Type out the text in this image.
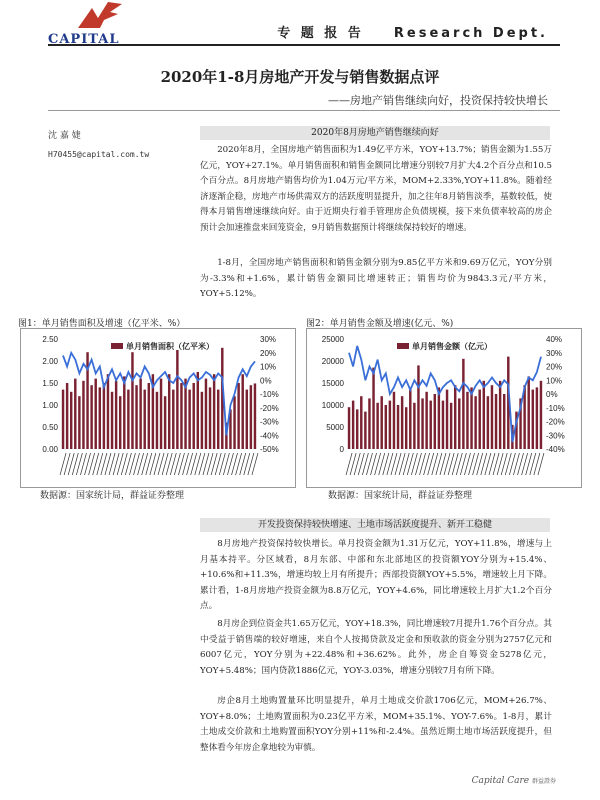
CAPITAL	专 题 报 告 Research Dept.
2020年1-8月房地产开发与销售数据点评
——房地产销售继续向好，投资保持较快增长
沈 嘉 婕
H70455@capital.com.tw
2020年8月房地产销售继续向好
2020年8月，全国房地产销售面积为1.49亿平方米，YOY+13.7%；销售金额为1.55万亿元，YOY+27.1%。单月销售面积和销售金额同比增速分别较7月扩大4.2个百分点和10.5个百分点。8月房地产销售均价为1.04万元/平方米，MOM+2.33%,YOY+11.8%。随着经济逐渐企稳，房地产市场供需双方的活跃度明显提升，加之往年8月销售淡季，基数较低，使得本月销售增速继续向好。由于近期央行着手管理房企负债规模，接下来负债率较高的房企预计会加速推盘来回笼资金，9月销售数据预计将继续保持较好的增速。
1-8月，全国房地产销售面积和销售金额分别为9.85亿平方米和9.69万亿元，YOY分别为-3.3%和+1.6%，累计销售金额同比增速转正；销售均价为9843.3元/平方米，YOY+5.12%。
图1：单月销售面积及增速（亿平米、%）	图2：单月销售金额及增速(亿元、%)
2.50
2.00
1.50
1.00
0.50
0.00
30%
20%
10%
0%
-10%
-20%
-30%
-40%
-50%
单月销售面积（亿平米）
25000
20000
15000
10000
5000
0
40%
30%
20%
10%
0%
-10%
-20%
-30%
-40%
单月销售金额（亿元）
数据源：国家统计局，群益证券整理	数据源：国家统计局，群益证券整理
开发投资保持较快增速、土地市场活跃度提升、新开工稳健
8月房地产投资保持较快增长。单月投资金额为1.31万亿元，YOY+11.8%，增速与上月基本持平。分区域看，8月东部、中部和东北部地区的投资额YOY分别为+15.4%、+10.6%和+11.3%，增速均较上月有所提升；西部投资额YOY+5.5%，增速较上月下降。累计看，1-8月房地产投资金额为8.8万亿元，YOY+4.6%，同比增速较上月扩大1.2个百分点。
8月房企到位资金共1.65万亿元，YOY+18.3%，同比增速较7月提升1.76个百分点。其中受益于销售端的较好增速，来自个人按揭贷款及定金和预收款的资金分别为2757亿元和6007亿元，YOY分别为+22.48%和+36.62%。此外，房企自筹资金5278亿元，YOY+5.48%；国内贷款1886亿元，YOY-3.03%，增速分别较7月有所下降。
房企8月土地购置量环比明显提升，单月土地成交价款1706亿元，MOM+26.7%、YOY+8.0%；土地购置面积为0.23亿平方米，MOM+35.1%、YOY-7.6%。1-8月，累计土地成交价款和土地购置面积YOY分别+11%和-2.4%。虽然近期土地市场活跃度提升，但整体看今年房企拿地较为审慎。
Capital Care 群益證券
